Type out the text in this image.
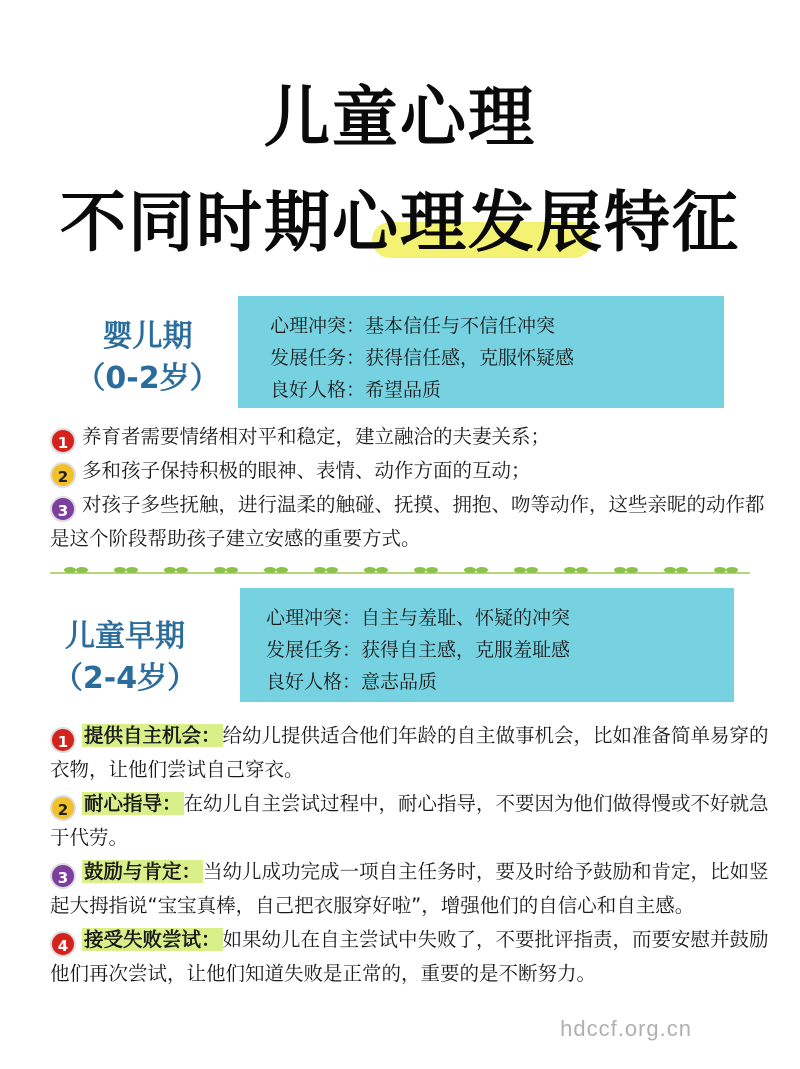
儿童心理
不同时期心理发展特征
婴儿期
（0-2岁）
心理冲突：基本信任与不信任冲突
发展任务：获得信任感，克服怀疑感
良好人格：希望品质
1 养育者需要情绪相对平和稳定，建立融洽的夫妻关系；
2 多和孩子保持积极的眼神、表情、动作方面的互动；
3 对孩子多些抚触，进行温柔的触碰、抚摸、拥抱、吻等动作，这些亲昵的动作都是这个阶段帮助孩子建立安感的重要方式。
儿童早期
（2-4岁）
心理冲突：自主与羞耻、怀疑的冲突
发展任务：获得自主感，克服羞耻感
良好人格：意志品质
1 提供自主机会： 给幼儿提供适合他们年龄的自主做事机会，比如准备简单易穿的衣物，让他们尝试自己穿衣。
2 耐心指导： 在幼儿自主尝试过程中，耐心指导，不要因为他们做得慢或不好就急于代劳。
3 鼓励与肯定： 当幼儿成功完成一项自主任务时，要及时给予鼓励和肯定，比如竖起大拇指说“宝宝真棒，自己把衣服穿好啦”，增强他们的自信心和自主感。
4 接受失败尝试： 如果幼儿在自主尝试中失败了，不要批评指责，而要安慰并鼓励他们再次尝试，让他们知道失败是正常的，重要的是不断努力。
hdccf.org.cn
